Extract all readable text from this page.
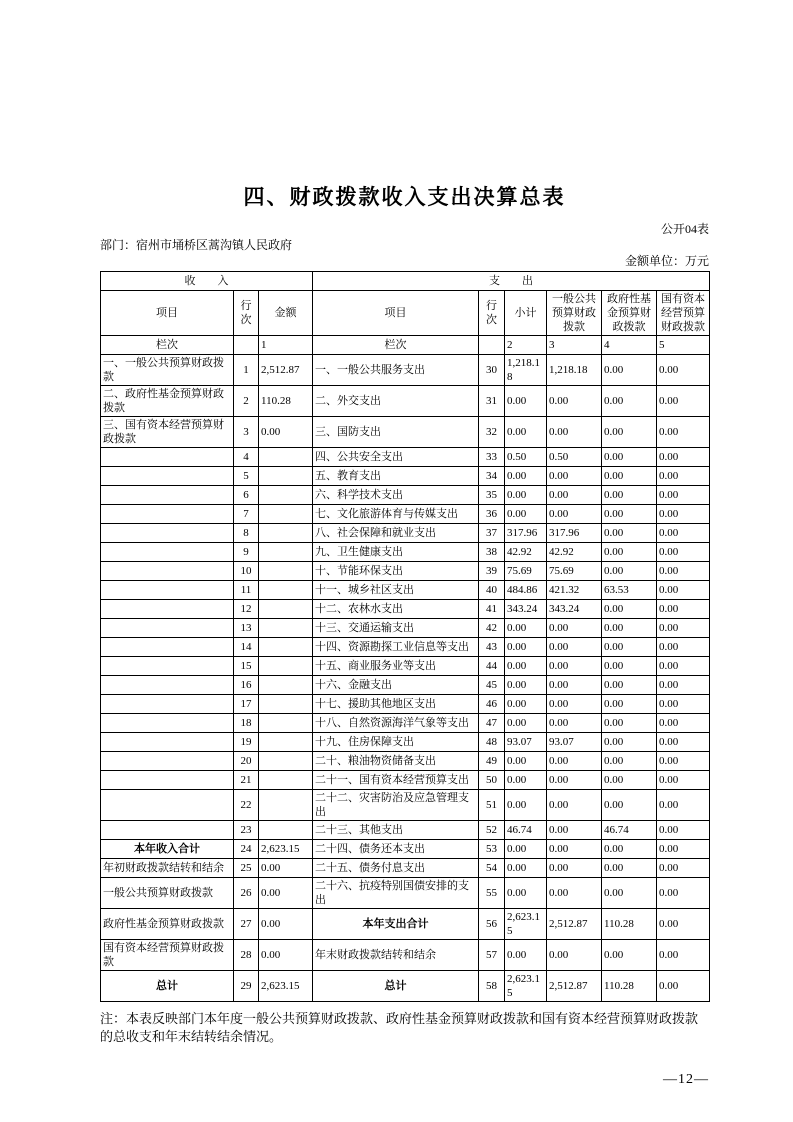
四、财政拨款收入支出决算总表
公开04表
部门：宿州市埇桥区蒿沟镇人民政府
金额单位：万元
收　　入			支　　出					
项目	行次	金额	项目	行次	小计	一般公共预算财政拨款	政府性基金预算财政拨款	国有资本经营预算财政拨款
栏次		1	栏次		2	3	4	5
一、一般公共预算财政拨款	1	2,512.87	一、一般公共服务支出	30	1,218.18	1,218.18	0.00	0.00
二、政府性基金预算财政拨款	2	110.28	二、外交支出	31	0.00	0.00	0.00	0.00
三、国有资本经营预算财政拨款	3	0.00	三、国防支出	32	0.00	0.00	0.00	0.00
	4		四、公共安全支出	33	0.50	0.50	0.00	0.00
	5		五、教育支出	34	0.00	0.00	0.00	0.00
	6		六、科学技术支出	35	0.00	0.00	0.00	0.00
	7		七、文化旅游体育与传媒支出	36	0.00	0.00	0.00	0.00
	8		八、社会保障和就业支出	37	317.96	317.96	0.00	0.00
	9		九、卫生健康支出	38	42.92	42.92	0.00	0.00
	10		十、节能环保支出	39	75.69	75.69	0.00	0.00
	11		十一、城乡社区支出	40	484.86	421.32	63.53	0.00
	12		十二、农林水支出	41	343.24	343.24	0.00	0.00
	13		十三、交通运输支出	42	0.00	0.00	0.00	0.00
	14		十四、资源勘探工业信息等支出	43	0.00	0.00	0.00	0.00
	15		十五、商业服务业等支出	44	0.00	0.00	0.00	0.00
	16		十六、金融支出	45	0.00	0.00	0.00	0.00
	17		十七、援助其他地区支出	46	0.00	0.00	0.00	0.00
	18		十八、自然资源海洋气象等支出	47	0.00	0.00	0.00	0.00
	19		十九、住房保障支出	48	93.07	93.07	0.00	0.00
	20		二十、粮油物资储备支出	49	0.00	0.00	0.00	0.00
	21		二十一、国有资本经营预算支出	50	0.00	0.00	0.00	0.00
	22		二十二、灾害防治及应急管理支出	51	0.00	0.00	0.00	0.00
	23		二十三、其他支出	52	46.74	0.00	46.74	0.00
本年收入合计	24	2,623.15	二十四、债务还本支出	53	0.00	0.00	0.00	0.00
年初财政拨款结转和结余	25	0.00	二十五、债务付息支出	54	0.00	0.00	0.00	0.00
一般公共预算财政拨款	26	0.00	二十六、抗疫特别国债安排的支出	55	0.00	0.00	0.00	0.00
政府性基金预算财政拨款	27	0.00	本年支出合计	56	2,623.15	2,512.87	110.28	0.00
国有资本经营预算财政拨款	28	0.00	年末财政拨款结转和结余	57	0.00	0.00	0.00	0.00
总计	29	2,623.15	总计	58	2,623.15	2,512.87	110.28	0.00
注：本表反映部门本年度一般公共预算财政拨款、政府性基金预算财政拨款和国有资本经营预算财政拨款的总收支和年末结转结余情况。
—12—
